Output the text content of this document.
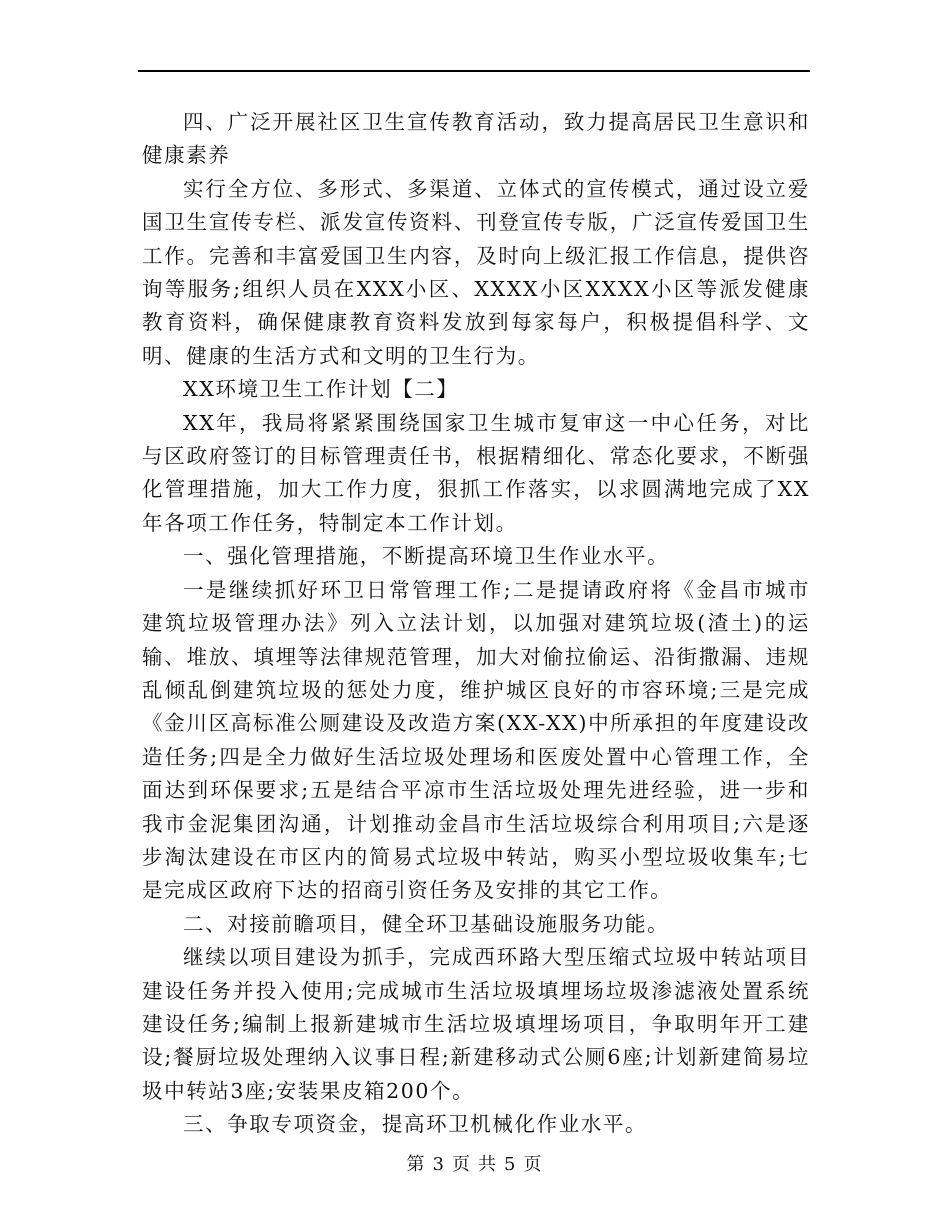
四、广泛开展社区卫生宣传教育活动，致力提高居民卫生意识和健康素养

实行全方位、多形式、多渠道、立体式的宣传模式，通过设立爱国卫生宣传专栏、派发宣传资料、刊登宣传专版，广泛宣传爱国卫生工作。完善和丰富爱国卫生内容，及时向上级汇报工作信息，提供咨询等服务;组织人员在XXX小区、XXXX小区XXXX小区等派发健康教育资料，确保健康教育资料发放到每家每户，积极提倡科学、文明、健康的生活方式和文明的卫生行为。

XX环境卫生工作计划【二】

XX年，我局将紧紧围绕国家卫生城市复审这一中心任务，对比与区政府签订的目标管理责任书，根据精细化、常态化要求，不断强化管理措施，加大工作力度，狠抓工作落实，以求圆满地完成了XX年各项工作任务，特制定本工作计划。

一、强化管理措施，不断提高环境卫生作业水平。

一是继续抓好环卫日常管理工作;二是提请政府将《金昌市城市建筑垃圾管理办法》列入立法计划，以加强对建筑垃圾(渣土)的运输、堆放、填埋等法律规范管理，加大对偷拉偷运、沿街撒漏、违规乱倾乱倒建筑垃圾的惩处力度，维护城区良好的市容环境;三是完成《金川区高标准公厕建设及改造方案(XX-XX)中所承担的年度建设改造任务;四是全力做好生活垃圾处理场和医废处置中心管理工作，全面达到环保要求;五是结合平凉市生活垃圾处理先进经验，进一步和我市金泥集团沟通，计划推动金昌市生活垃圾综合利用项目;六是逐步淘汰建设在市区内的简易式垃圾中转站，购买小型垃圾收集车;七是完成区政府下达的招商引资任务及安排的其它工作。

二、对接前瞻项目，健全环卫基础设施服务功能。

继续以项目建设为抓手，完成西环路大型压缩式垃圾中转站项目建设任务并投入使用;完成城市生活垃圾填埋场垃圾渗滤液处置系统建设任务;编制上报新建城市生活垃圾填埋场项目，争取明年开工建设;餐厨垃圾处理纳入议事日程;新建移动式公厕6座;计划新建简易垃圾中转站3座;安装果皮箱200个。

三、争取专项资金，提高环卫机械化作业水平。

第 3 页 共 5 页
